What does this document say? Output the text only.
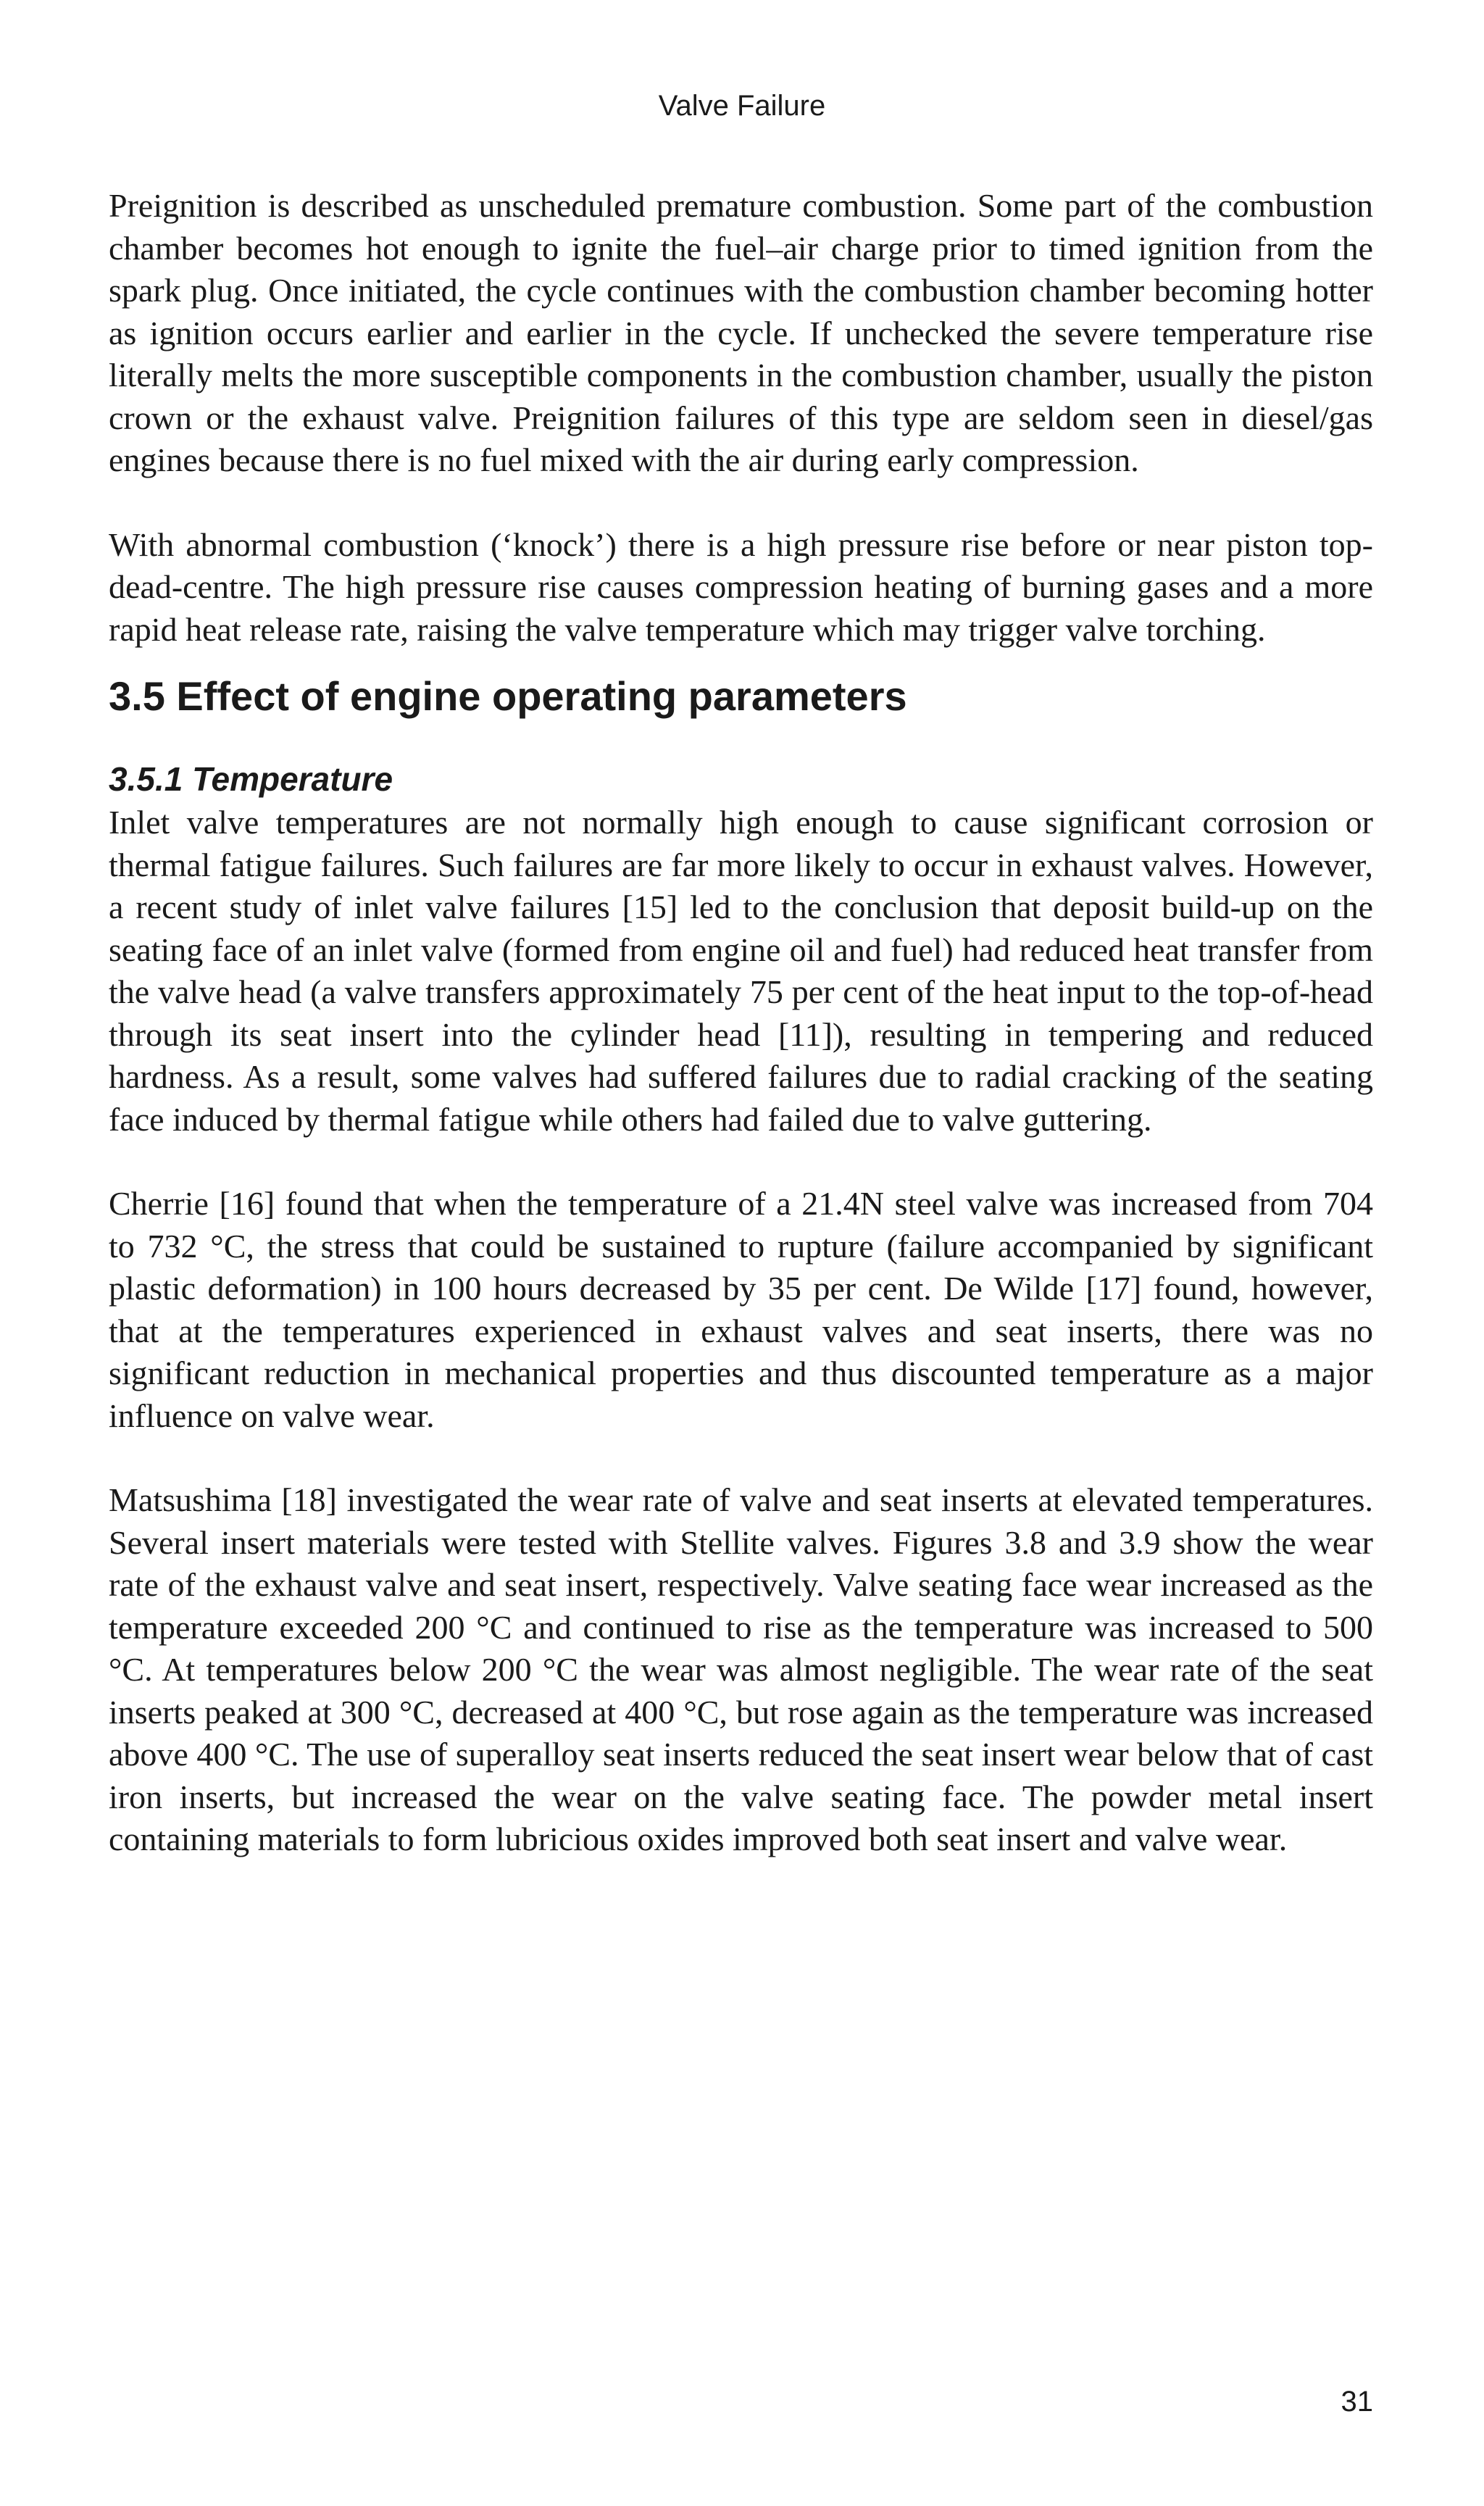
Valve Failure

Preignition is described as unscheduled premature combustion. Some part of the combustion chamber becomes hot enough to ignite the fuel–air charge prior to timed ignition from the spark plug. Once initiated, the cycle continues with the combustion chamber becoming hotter as ignition occurs earlier and earlier in the cycle. If unchecked the severe temperature rise literally melts the more susceptible components in the combustion chamber, usually the piston crown or the exhaust valve. Preignition failures of this type are seldom seen in diesel/gas engines because there is no fuel mixed with the air during early compression.

With abnormal combustion (‘knock’) there is a high pressure rise before or near piston top-dead-centre. The high pressure rise causes compression heating of burning gases and a more rapid heat release rate, raising the valve temperature which may trigger valve torching.

3.5 Effect of engine operating parameters
3.5.1 Temperature

Inlet valve temperatures are not normally high enough to cause significant corrosion or thermal fatigue failures. Such failures are far more likely to occur in exhaust valves. However, a recent study of inlet valve failures [15] led to the conclusion that deposit build-up on the seating face of an inlet valve (formed from engine oil and fuel) had reduced heat transfer from the valve head (a valve transfers approximately 75 per cent of the heat input to the top-of-head through its seat insert into the cylinder head [11]), resulting in tempering and reduced hardness. As a result, some valves had suffered failures due to radial cracking of the seating face induced by thermal fatigue while others had failed due to valve guttering.

Cherrie [16] found that when the temperature of a 21.4N steel valve was increased from 704 to 732 °C, the stress that could be sustained to rupture (failure accompanied by significant plastic deformation) in 100 hours decreased by 35 per cent. De Wilde [17] found, however, that at the temperatures experienced in exhaust valves and seat inserts, there was no significant reduction in mechanical properties and thus discounted temperature as a major influence on valve wear.

Matsushima [18] investigated the wear rate of valve and seat inserts at elevated temperatures. Several insert materials were tested with Stellite valves. Figures 3.8 and 3.9 show the wear rate of the exhaust valve and seat insert, respectively. Valve seating face wear increased as the temperature exceeded 200 °C and continued to rise as the temperature was increased to 500 °C. At temperatures below 200 °C the wear was almost negligible. The wear rate of the seat inserts peaked at 300 °C, decreased at 400 °C, but rose again as the temperature was increased above 400 °C. The use of superalloy seat inserts reduced the seat insert wear below that of cast iron inserts, but increased the wear on the valve seating face. The powder metal insert containing materials to form lubricious oxides improved both seat insert and valve wear.

31
